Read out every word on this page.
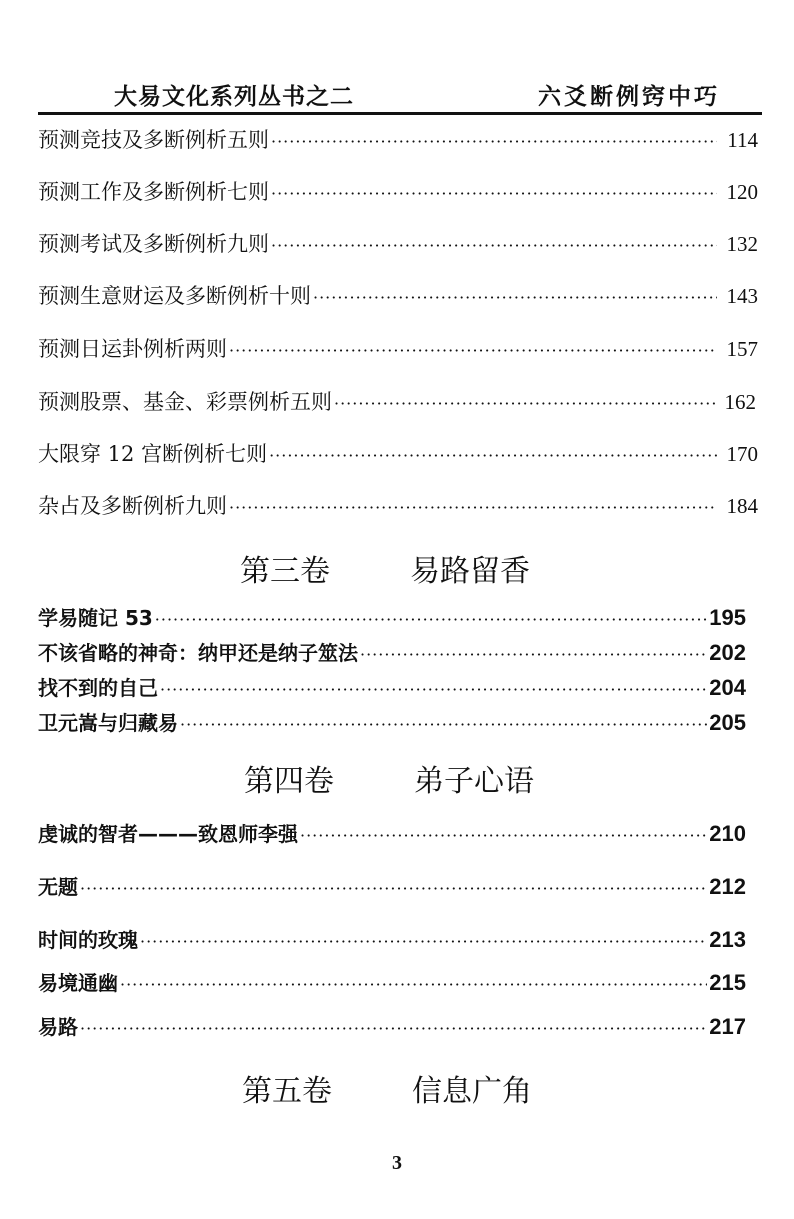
大易文化系列丛书之二	六爻断例窍中巧
预测竞技及多断例析五则 ·····	114
预测工作及多断例析七则 ·····	120
预测考试及多断例析九则 ·····	132
预测生意财运及多断例析十则 ·····	143
预测日运卦例析两则 ·····	157
预测股票、基金、彩票例析五则 ·····	162
大限穿 12 宫断例析七则 ·····	170
杂占及多断例析九则 ·····	184
第三卷	易路留香
学易随记 53 ·····	195
不该省略的神奇：纳甲还是纳子筮法 ·····	202
找不到的自己 ·····	204
卫元嵩与归藏易 ·····	205
第四卷	弟子心语
虔诚的智者———致恩师李强 ·····	210
无题 ·····	212
时间的玫瑰 ·····	213
易境通幽 ·····	215
易路 ·····	217
第五卷	信息广角
3
